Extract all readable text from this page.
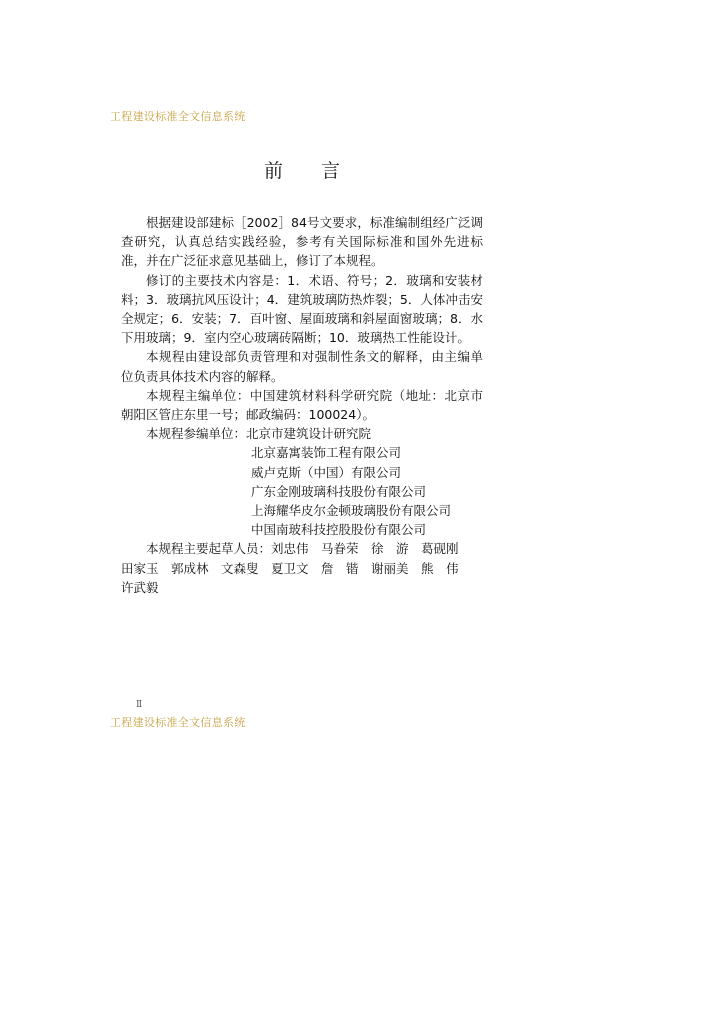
工程建设标准全文信息系统
前　　言

根据建设部建标［2002］84号文要求，标准编制组经广泛调查研究，认真总结实践经验，参考有关国际标准和国外先进标准，并在广泛征求意见基础上，修订了本规程。

修订的主要技术内容是：1．术语、符号；2．玻璃和安装材料；3．玻璃抗风压设计；4．建筑玻璃防热炸裂；5．人体冲击安全规定；6．安装；7．百叶窗、屋面玻璃和斜屋面窗玻璃；8．水下用玻璃；9．室内空心玻璃砖隔断；10．玻璃热工性能设计。

本规程由建设部负责管理和对强制性条文的解释，由主编单位负责具体技术内容的解释。

本规程主编单位：中国建筑材料科学研究院（地址：北京市朝阳区管庄东里一号；邮政编码：100024）。

本规程参编单位：北京市建筑设计研究院

北京嘉寓装饰工程有限公司

威卢克斯（中国）有限公司

广东金刚玻璃科技股份有限公司

上海耀华皮尔金顿玻璃股份有限公司

中国南玻科技控股股份有限公司

本规程主要起草人员：刘忠伟　马眷荣　徐　游　葛砚刚

田家玉　郭成林　文森叟　夏卫文　詹　锴　谢丽美　熊　伟

许武毅

Ⅱ
工程建设标准全文信息系统
